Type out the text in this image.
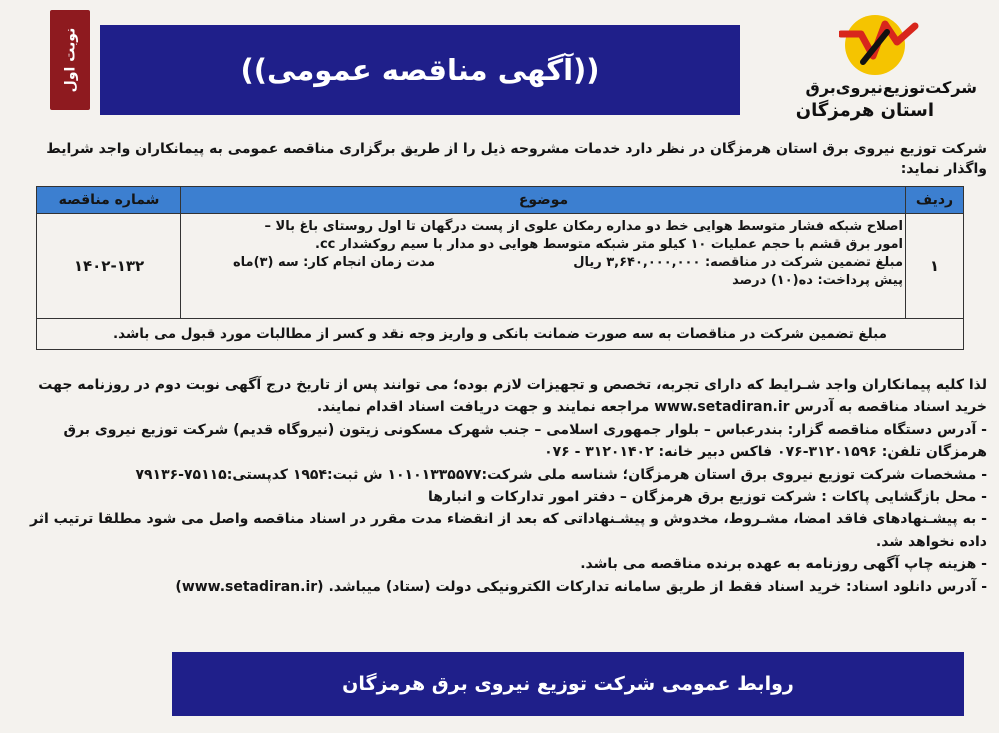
نوبت اول	((آگهی مناقصه عمومی))
شرکت‌توزیع‌نیروی‌برق
استان هرمزگان
شرکت توزیع نیروی برق استان هرمزگان در نظر دارد خدمات مشروحه ذیل را از طریق برگزاری مناقصه عمومی به پیمانکاران واجد شرایط واگذار نماید:
ردیف
موضوع
شماره مناقصه
۱
اصلاح شبکه فشار متوسط هوایی خط دو مداره رمکان علوی از پست درگهان تا اول روستای باغ بالا – امور برق قشم با حجم عملیات ۱۰ کیلو متر شبکه متوسط هوایی دو مدار با سیم روکشدار cc.
مبلغ تضمین شرکت در مناقصه: ۳,۶۴۰,۰۰۰,۰۰۰ ریال
مدت زمان انجام کار: سه (۳)ماه
پیش پرداخت: ده(۱۰) درصد
۱۴۰۲-۱۳۲
مبلغ تضمین شرکت در مناقصات به سه صورت ضمانت بانکی و واریز وجه نقد و کسر از مطالبات مورد قبول می باشد.

لذا کلیه پیمانکاران واجد شـرایط که دارای تجربه، تخصص و تجهیزات لازم بوده؛ می توانند پس از تاریخ درج آگهی نوبت دوم در روزنامه جهت خرید اسناد مناقصه به آدرس www.setadiran.ir مراجعه نمایند و جهت دریافت اسناد اقدام نمایند.

- آدرس دستگاه مناقصه گزار: بندرعباس – بلوار جمهوری اسلامی – جنب شهرک مسکونی زیتون (نیروگاه قدیم) شرکت توزیع نیروی برق هرمزگان تلفن: ۳۱۲۰۱۵۹۶-۰۷۶ فاکس دبیر خانه: ۳۱۲۰۱۴۰۲ - ۰۷۶

- مشخصات شرکت توزیع نیروی برق استان هرمزگان؛ شناسه ملی شرکت:۱۰۱۰۱۳۳۵۵۷۷ ش ثبت:۱۹۵۴ کدپستی:۷۵۱۱۵-۷۹۱۳۶

- محل بازگشایی پاکات : شرکت توزیع برق هرمزگان – دفتر امور تدارکات و انبارها

- به پیشـنهادهای فاقد امضا، مشـروط، مخدوش و پیشـنهاداتی که بعد از انقضاء مدت مقرر در اسناد مناقصه واصل می شود مطلقا ترتیب اثر داده نخواهد شد.

- هزینه چاپ آگهی روزنامه به عهده برنده مناقصه می باشد.

- آدرس دانلود اسناد: خرید اسناد فقط از طریق سامانه تدارکات الکترونیکی دولت (ستاد) میباشد. (www.setadiran.ir)

روابط عمومی شرکت توزیع نیروی برق هرمزگان
